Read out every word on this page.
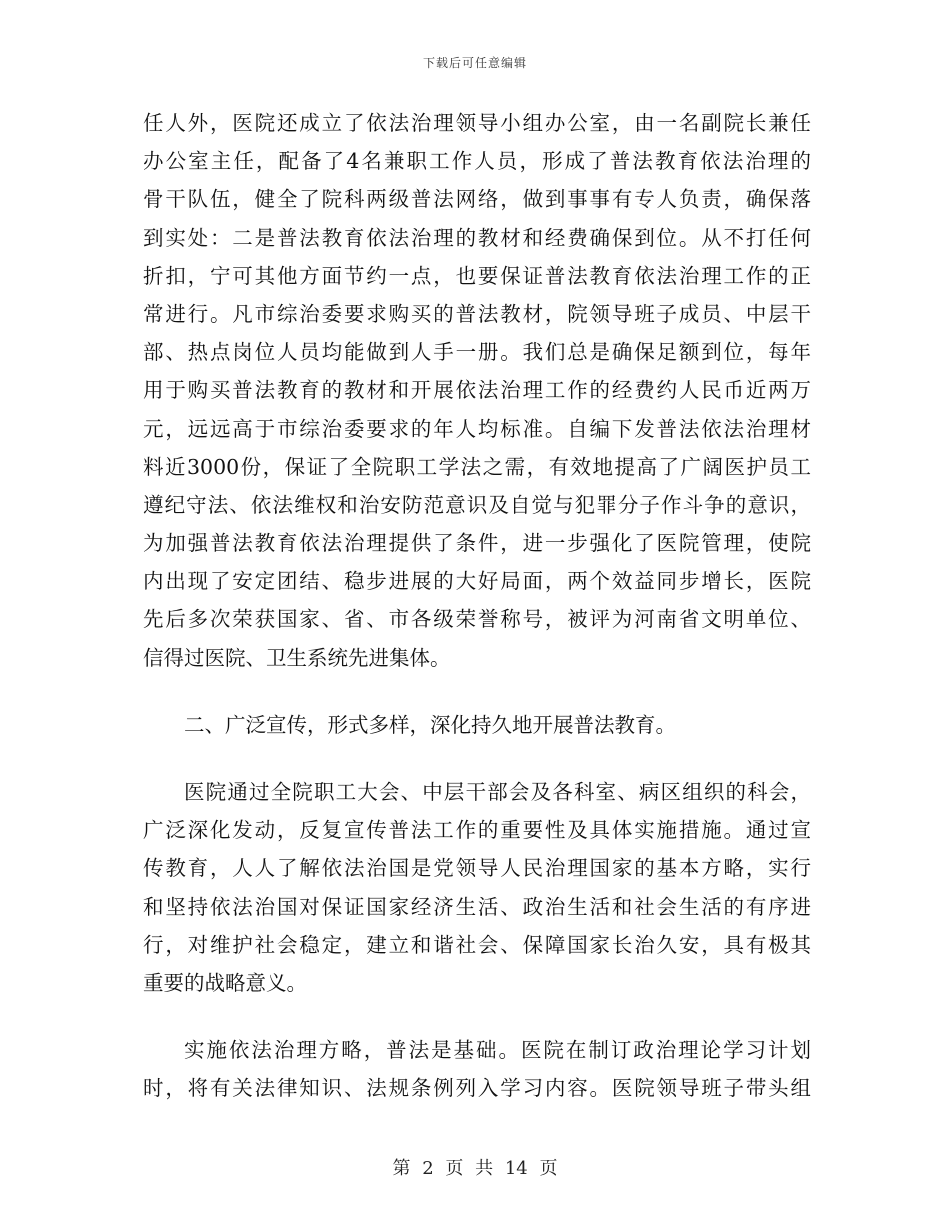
下载后可任意编辑
任人外，医院还成立了依法治理领导小组办公室，由一名副院长兼任
办公室主任，配备了4名兼职工作人员，形成了普法教育依法治理的
骨干队伍，健全了院科两级普法网络，做到事事有专人负责，确保落
到实处：二是普法教育依法治理的教材和经费确保到位。从不打任何
折扣，宁可其他方面节约一点，也要保证普法教育依法治理工作的正
常进行。凡市综治委要求购买的普法教材，院领导班子成员、中层干
部、热点岗位人员均能做到人手一册。我们总是确保足额到位，每年
用于购买普法教育的教材和开展依法治理工作的经费约人民币近两万
元，远远高于市综治委要求的年人均标准。自编下发普法依法治理材
料近3000份，保证了全院职工学法之需，有效地提高了广阔医护员工
遵纪守法、依法维权和治安防范意识及自觉与犯罪分子作斗争的意识，
为加强普法教育依法治理提供了条件，进一步强化了医院管理，使院
内出现了安定团结、稳步进展的大好局面，两个效益同步增长，医院
先后多次荣获国家、省、市各级荣誉称号，被评为河南省文明单位、
信得过医院、卫生系统先进集体。
二、广泛宣传，形式多样，深化持久地开展普法教育。
医院通过全院职工大会、中层干部会及各科室、病区组织的科会，
广泛深化发动，反复宣传普法工作的重要性及具体实施措施。通过宣
传教育，人人了解依法治国是党领导人民治理国家的基本方略，实行
和坚持依法治国对保证国家经济生活、政治生活和社会生活的有序进
行，对维护社会稳定，建立和谐社会、保障国家长治久安，具有极其
重要的战略意义。
实施依法治理方略，普法是基础。医院在制订政治理论学习计划
时，将有关法律知识、法规条例列入学习内容。医院领导班子带头组
第 2 页 共 14 页
